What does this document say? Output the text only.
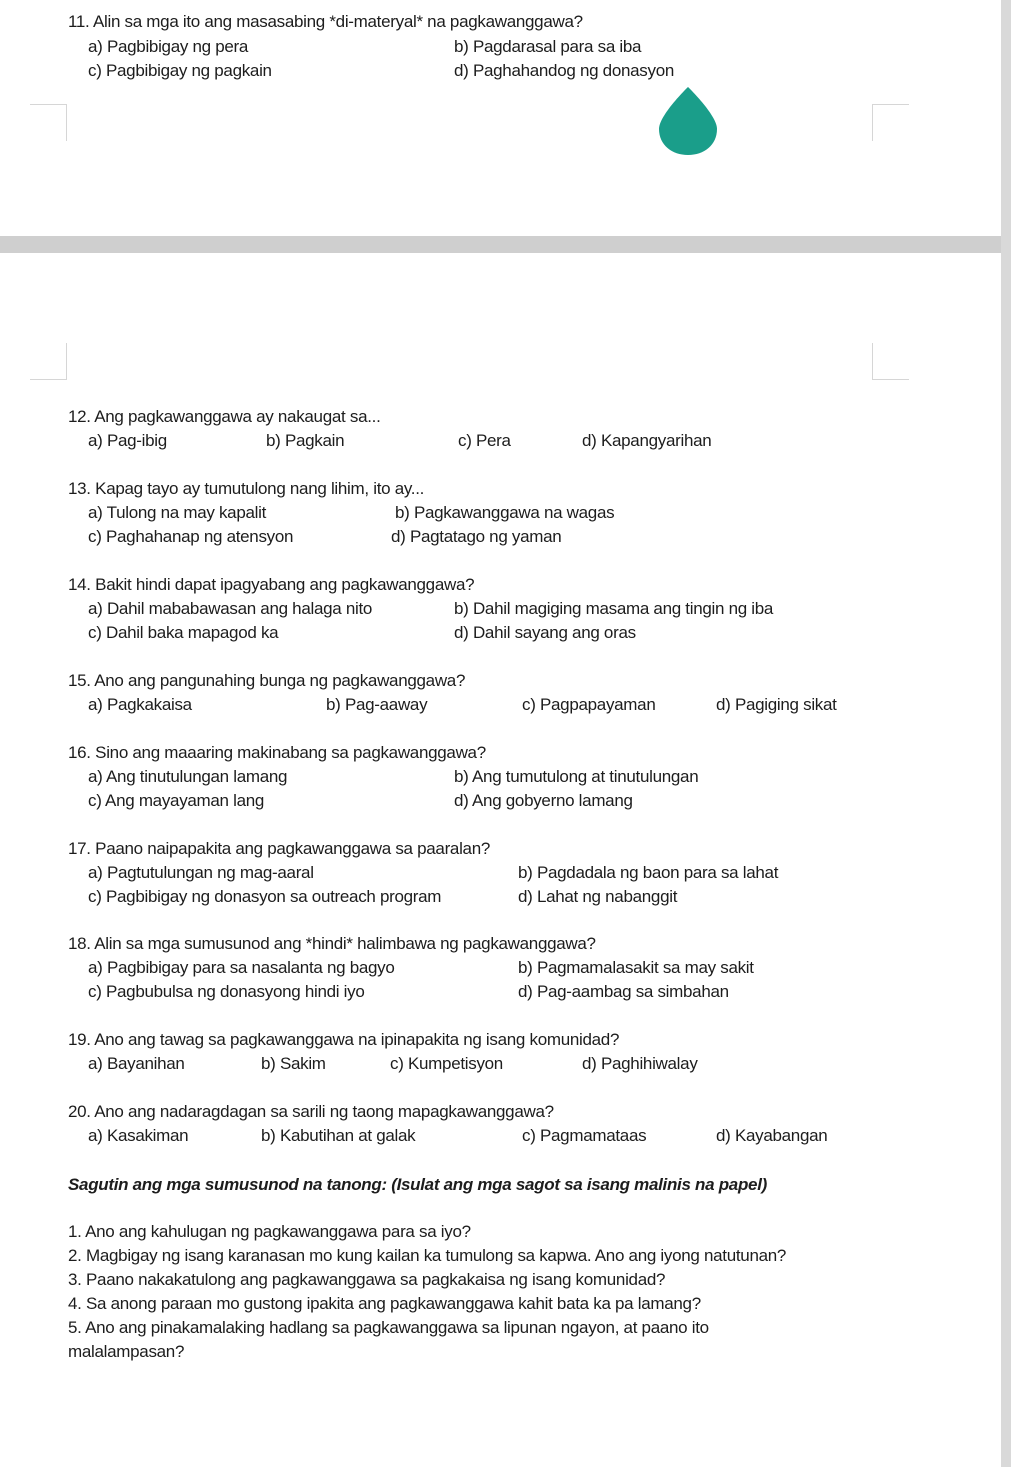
11. Alin sa mga ito ang masasabing *di-materyal* na pagkawanggawa?
a) Pagbibigay ng pera	b) Pagdarasal para sa iba
c) Pagbibigay ng pagkain	d) Paghahandog ng donasyon
12. Ang pagkawanggawa ay nakaugat sa...
a) Pag-ibig	b) Pagkain	c) Pera	d) Kapangyarihan
13. Kapag tayo ay tumutulong nang lihim, ito ay...
a) Tulong na may kapalit	b) Pagkawanggawa na wagas
c) Paghahanap ng atensyon	d) Pagtatago ng yaman
14. Bakit hindi dapat ipagyabang ang pagkawanggawa?
a) Dahil mababawasan ang halaga nito	b) Dahil magiging masama ang tingin ng iba
c) Dahil baka mapagod ka	d) Dahil sayang ang oras
15. Ano ang pangunahing bunga ng pagkawanggawa?
a) Pagkakaisa	b) Pag-aaway	c) Pagpapayaman	d) Pagiging sikat
16. Sino ang maaaring makinabang sa pagkawanggawa?
a) Ang tinutulungan lamang	b) Ang tumutulong at tinutulungan
c) Ang mayayaman lang	d) Ang gobyerno lamang
17. Paano naipapakita ang pagkawanggawa sa paaralan?
a) Pagtutulungan ng mag-aaral	b) Pagdadala ng baon para sa lahat
c) Pagbibigay ng donasyon sa outreach program	d) Lahat ng nabanggit
18. Alin sa mga sumusunod ang *hindi* halimbawa ng pagkawanggawa?
a) Pagbibigay para sa nasalanta ng bagyo	b) Pagmamalasakit sa may sakit
c) Pagbubulsa ng donasyong hindi iyo	d) Pag-aambag sa simbahan
19. Ano ang tawag sa pagkawanggawa na ipinapakita ng isang komunidad?
a) Bayanihan	b) Sakim	c) Kumpetisyon	d) Paghihiwalay
20. Ano ang nadaragdagan sa sarili ng taong mapagkawanggawa?
a) Kasakiman	b) Kabutihan at galak	c) Pagmamataas	d) Kayabangan
Sagutin ang mga sumusunod na tanong: (Isulat ang mga sagot sa isang malinis na papel)
1. Ano ang kahulugan ng pagkawanggawa para sa iyo?
2. Magbigay ng isang karanasan mo kung kailan ka tumulong sa kapwa. Ano ang iyong natutunan?
3. Paano nakakatulong ang pagkawanggawa sa pagkakaisa ng isang komunidad?
4. Sa anong paraan mo gustong ipakita ang pagkawanggawa kahit bata ka pa lamang?
5. Ano ang pinakamalaking hadlang sa pagkawanggawa sa lipunan ngayon, at paano ito
malalampasan?
